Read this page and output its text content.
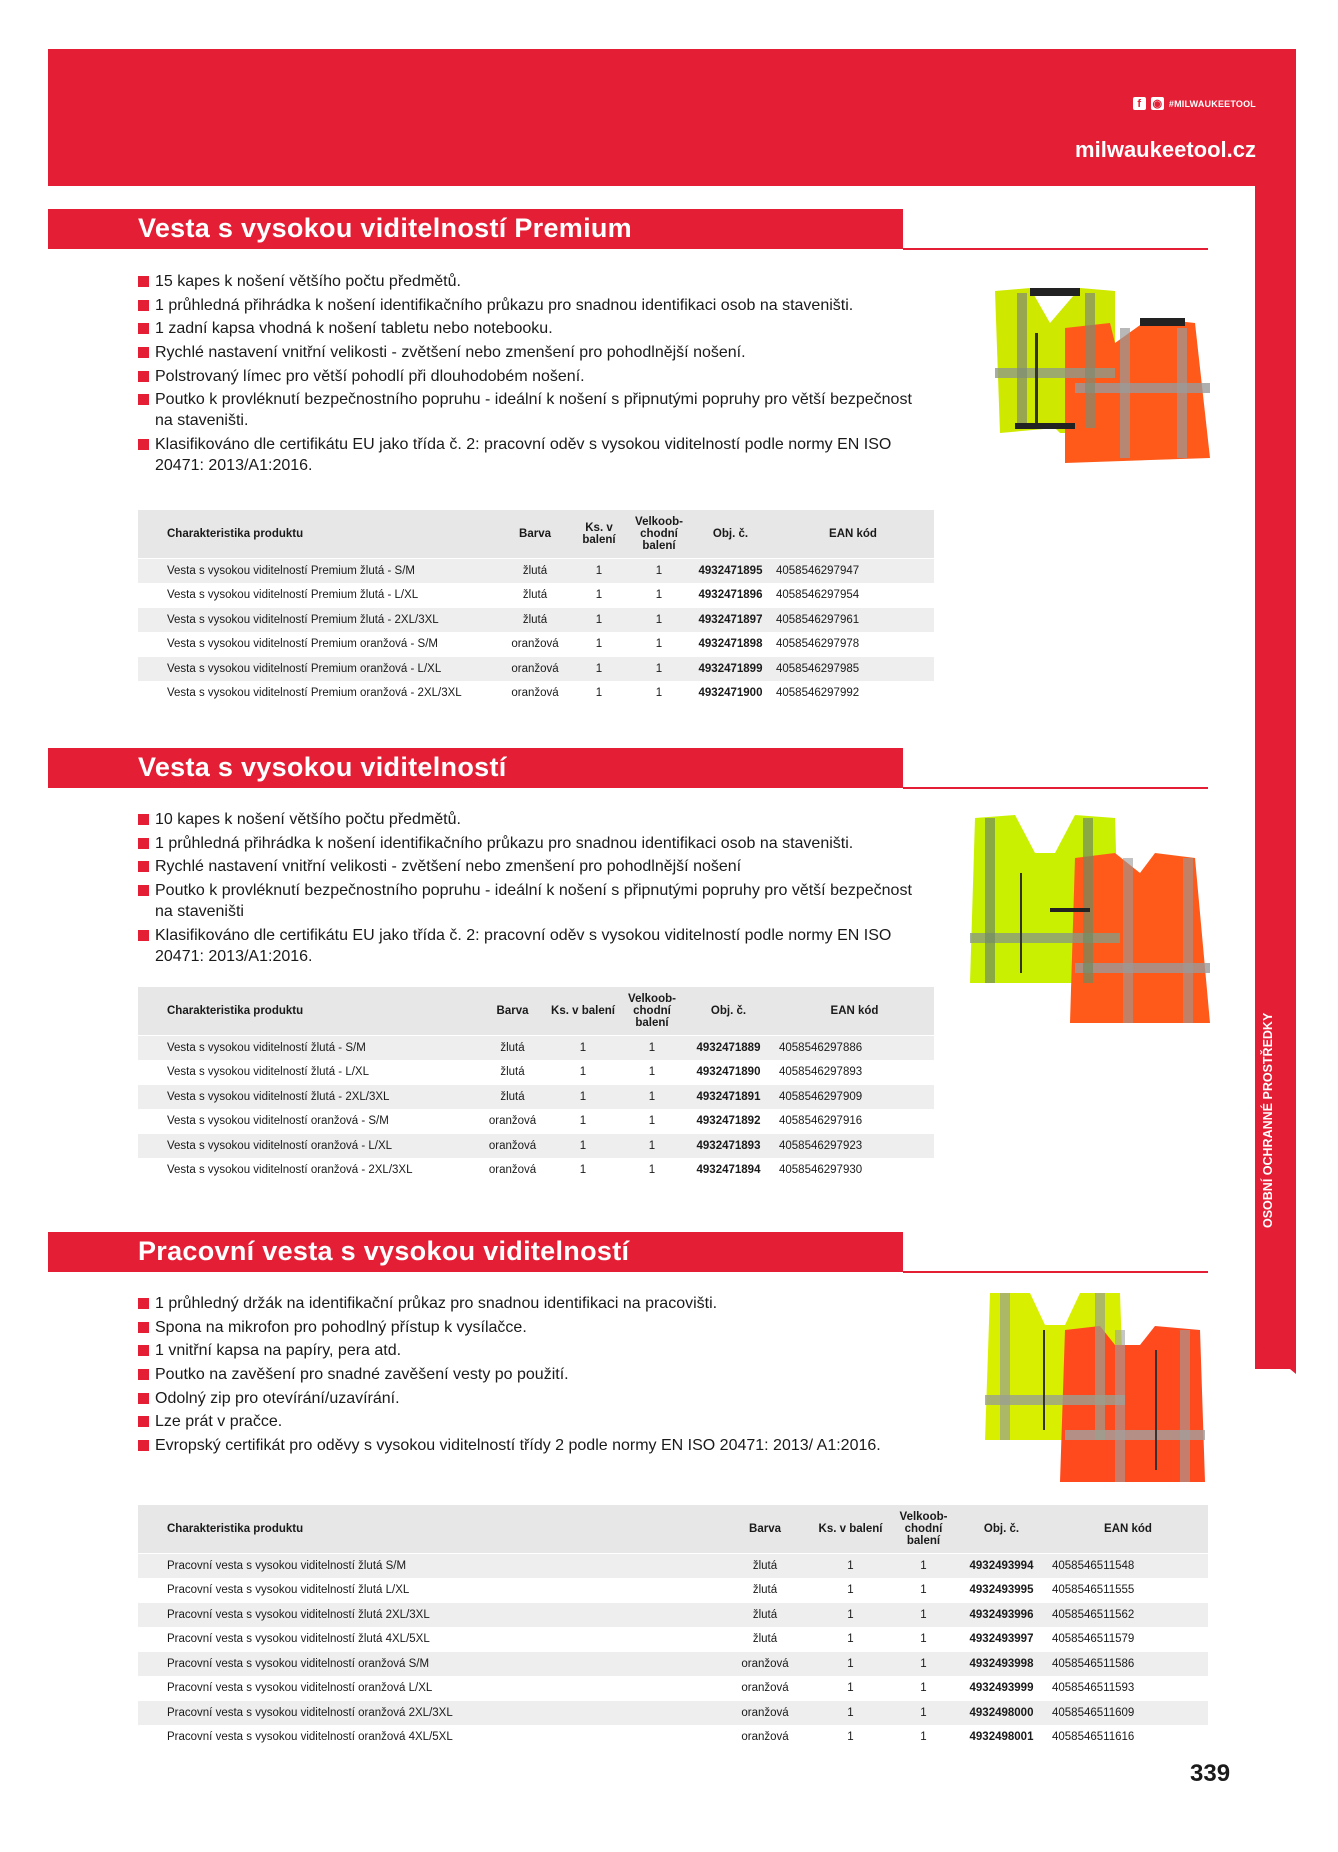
f	◉ #MILWAUKEETOOL
milwaukeetool.cz
OSOBNÍ OCHRANNÉ PROSTŘEDKY
Vesta s vysokou viditelností Premium
15 kapes k nošení většího počtu předmětů.
1 průhledná přihrádka k nošení identifikačního průkazu pro snadnou identifikaci osob na staveništi.
1 zadní kapsa vhodná k nošení tabletu nebo notebooku.
Rychlé nastavení vnitřní velikosti - zvětšení nebo zmenšení pro pohodlnější nošení.
Polstrovaný límec pro větší pohodlí při dlouhodobém nošení.
Poutko k provléknutí bezpečnostního popruhu - ideální k nošení s připnutými popruhy pro větší bezpečnost na staveništi.
Klasifikováno dle certifikátu EU jako třída č. 2: pracovní oděv s vysokou viditelností podle normy EN ISO 20471: 2013/A1:2016.
Charakteristika produktu	Barva	Ks. v balení	Velkoob-chodní balení	Obj. č.	EAN kód
Vesta s vysokou viditelností Premium žlutá - S/M	žlutá	1	1	4932471895	4058546297947
Vesta s vysokou viditelností Premium žlutá - L/XL	žlutá	1	1	4932471896	4058546297954
Vesta s vysokou viditelností Premium žlutá - 2XL/3XL	žlutá	1	1	4932471897	4058546297961
Vesta s vysokou viditelností Premium oranžová - S/M	oranžová	1	1	4932471898	4058546297978
Vesta s vysokou viditelností Premium oranžová - L/XL	oranžová	1	1	4932471899	4058546297985
Vesta s vysokou viditelností Premium oranžová - 2XL/3XL	oranžová	1	1	4932471900	4058546297992
Vesta s vysokou viditelností
10 kapes k nošení většího počtu předmětů.
1 průhledná přihrádka k nošení identifikačního průkazu pro snadnou identifikaci osob na staveništi.
Rychlé nastavení vnitřní velikosti - zvětšení nebo zmenšení pro pohodlnější nošení
Poutko k provléknutí bezpečnostního popruhu - ideální k nošení s připnutými popruhy pro větší bezpečnost na staveništi
Klasifikováno dle certifikátu EU jako třída č. 2: pracovní oděv s vysokou viditelností podle normy EN ISO 20471: 2013/A1:2016.
Charakteristika produktu	Barva	Ks. v balení	Velkoob-chodní balení	Obj. č.	EAN kód
Vesta s vysokou viditelností žlutá - S/M	žlutá	1	1	4932471889	4058546297886
Vesta s vysokou viditelností žlutá - L/XL	žlutá	1	1	4932471890	4058546297893
Vesta s vysokou viditelností žlutá - 2XL/3XL	žlutá	1	1	4932471891	4058546297909
Vesta s vysokou viditelností oranžová - S/M	oranžová	1	1	4932471892	4058546297916
Vesta s vysokou viditelností oranžová - L/XL	oranžová	1	1	4932471893	4058546297923
Vesta s vysokou viditelností oranžová - 2XL/3XL	oranžová	1	1	4932471894	4058546297930
Pracovní vesta s vysokou viditelností
1 průhledný držák na identifikační průkaz pro snadnou identifikaci na pracovišti.
Spona na mikrofon pro pohodlný přístup k vysílačce.
1 vnitřní kapsa na papíry, pera atd.
Poutko na zavěšení pro snadné zavěšení vesty po použití.
Odolný zip pro otevírání/uzavírání.
Lze prát v pračce.
Evropský certifikát pro oděvy s vysokou viditelností třídy 2 podle normy EN ISO 20471: 2013/ A1:2016.
Charakteristika produktu	Barva	Ks. v balení	Velkoob-chodní balení	Obj. č.	EAN kód
Pracovní vesta s vysokou viditelností žlutá S/M	žlutá	1	1	4932493994	4058546511548
Pracovní vesta s vysokou viditelností žlutá L/XL	žlutá	1	1	4932493995	4058546511555
Pracovní vesta s vysokou viditelností žlutá 2XL/3XL	žlutá	1	1	4932493996	4058546511562
Pracovní vesta s vysokou viditelností žlutá 4XL/5XL	žlutá	1	1	4932493997	4058546511579
Pracovní vesta s vysokou viditelností oranžová S/M	oranžová	1	1	4932493998	4058546511586
Pracovní vesta s vysokou viditelností oranžová L/XL	oranžová	1	1	4932493999	4058546511593
Pracovní vesta s vysokou viditelností oranžová 2XL/3XL	oranžová	1	1	4932498000	4058546511609
Pracovní vesta s vysokou viditelností oranžová 4XL/5XL	oranžová	1	1	4932498001	4058546511616
339
